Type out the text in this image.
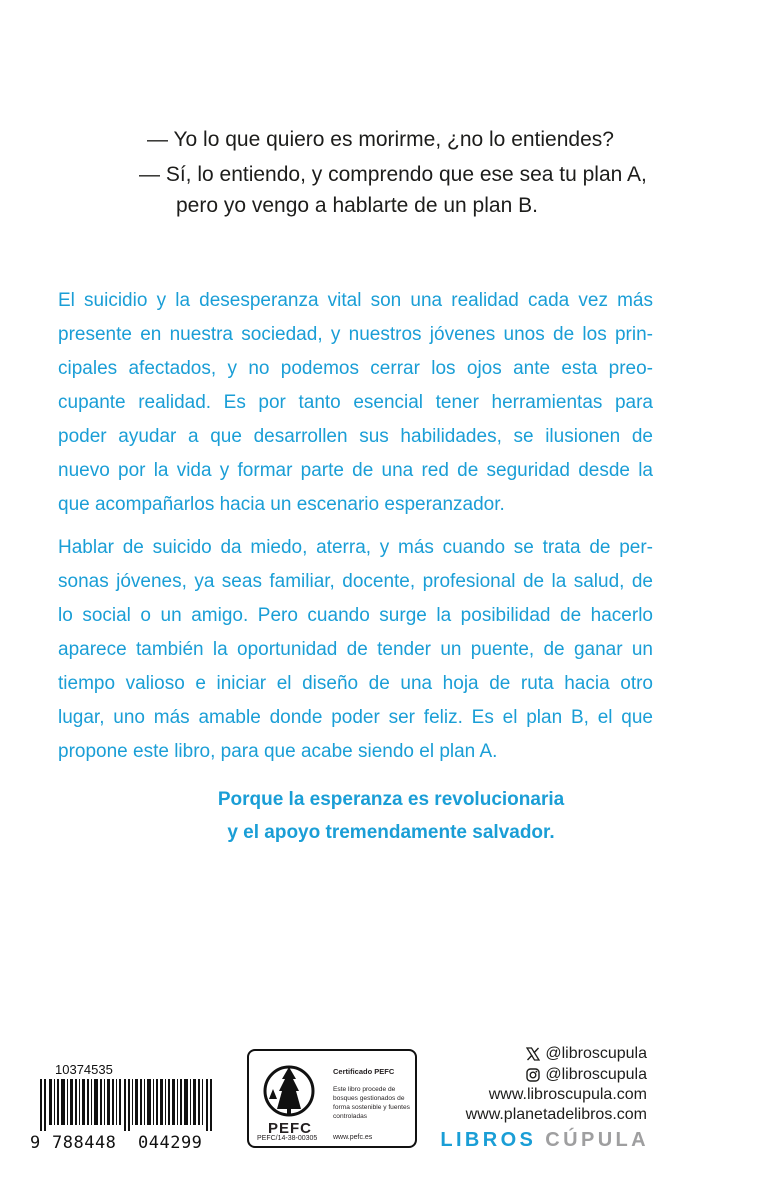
— Yo lo que quiero es morirme, ¿no lo entiendes?
— Sí, lo entiendo, y comprendo que ese sea tu plan A,
pero yo vengo a hablarte de un plan B.
El suicidio y la desesperanza vital son una realidad cada vez más
presente en nuestra sociedad, y nuestros jóvenes unos de los prin-
cipales afectados, y no podemos cerrar los ojos ante esta preo-
cupante realidad. Es por tanto esencial tener herramientas para
poder ayudar a que desarrollen sus habilidades, se ilusionen de
nuevo por la vida y formar parte de una red de seguridad desde la
que acompañarlos hacia un escenario esperanzador.
Hablar de suicido da miedo, aterra, y más cuando se trata de per-
sonas jóvenes, ya seas familiar, docente, profesional de la salud, de
lo social o un amigo. Pero cuando surge la posibilidad de hacerlo
aparece también la oportunidad de tender un puente, de ganar un
tiempo valioso e iniciar el diseño de una hoja de ruta hacia otro
lugar, uno más amable donde poder ser feliz. Es el plan B, el que
propone este libro, para que acabe siendo el plan A.
Porque la esperanza es revolucionaria
y el apoyo tremendamente salvador.
10374535
9 788448 044299
PEFC
PEFC/14-38-00305
Certificado PEFC
Este libro procede de bosques gestionados de forma sostenible y fuentes controladas
www.pefc.es
@libroscupula
@libroscupula
www.libroscupula.com
www.planetadelibros.com
LIBROS CÚPULA
